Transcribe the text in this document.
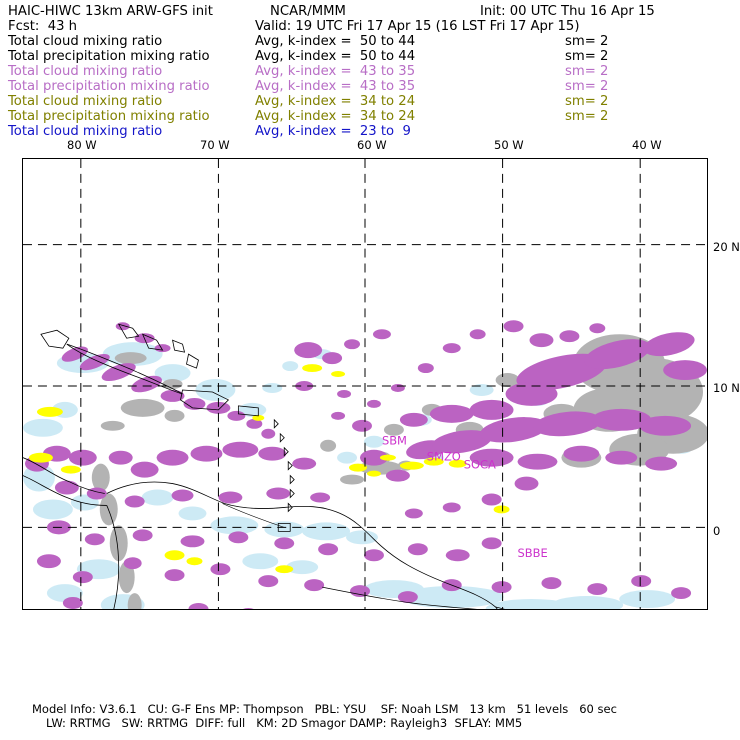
HAIC-HIWC 13km ARW-GFS init	NCAR/MMM	Init: 00 UTC Thu 16 Apr 15
Fcst:  43 h	Valid: 19 UTC Fri 17 Apr 15 (16 LST Fri 17 Apr 15)
Total cloud mixing ratio	Avg, k-index =  50 to 44	sm= 2
Total precipitation mixing ratio	Avg, k-index =  50 to 44	sm= 2
Total cloud mixing ratio	Avg, k-index =  43 to 35	sm= 2
Total precipitation mixing ratio	Avg, k-index =  43 to 35	sm= 2
Total cloud mixing ratio	Avg, k-index =  34 to 24	sm= 2
Total precipitation mixing ratio	Avg, k-index =  34 to 24	sm= 2
Total cloud mixing ratio	Avg, k-index =  23 to  9
80 W	70 W	60 W	50 W	40 W
20 N
10 N
0
SBM
SMZO
SOCA
SBBE
Model Info: V3.6.1   CU: G-F Ens MP: Thompson   PBL: YSU    SF: Noah LSM   13 km   51 levels   60 sec
LW: RRTMG   SW: RRTMG  DIFF: full   KM: 2D Smagor DAMP: Rayleigh3  SFLAY: MM5
